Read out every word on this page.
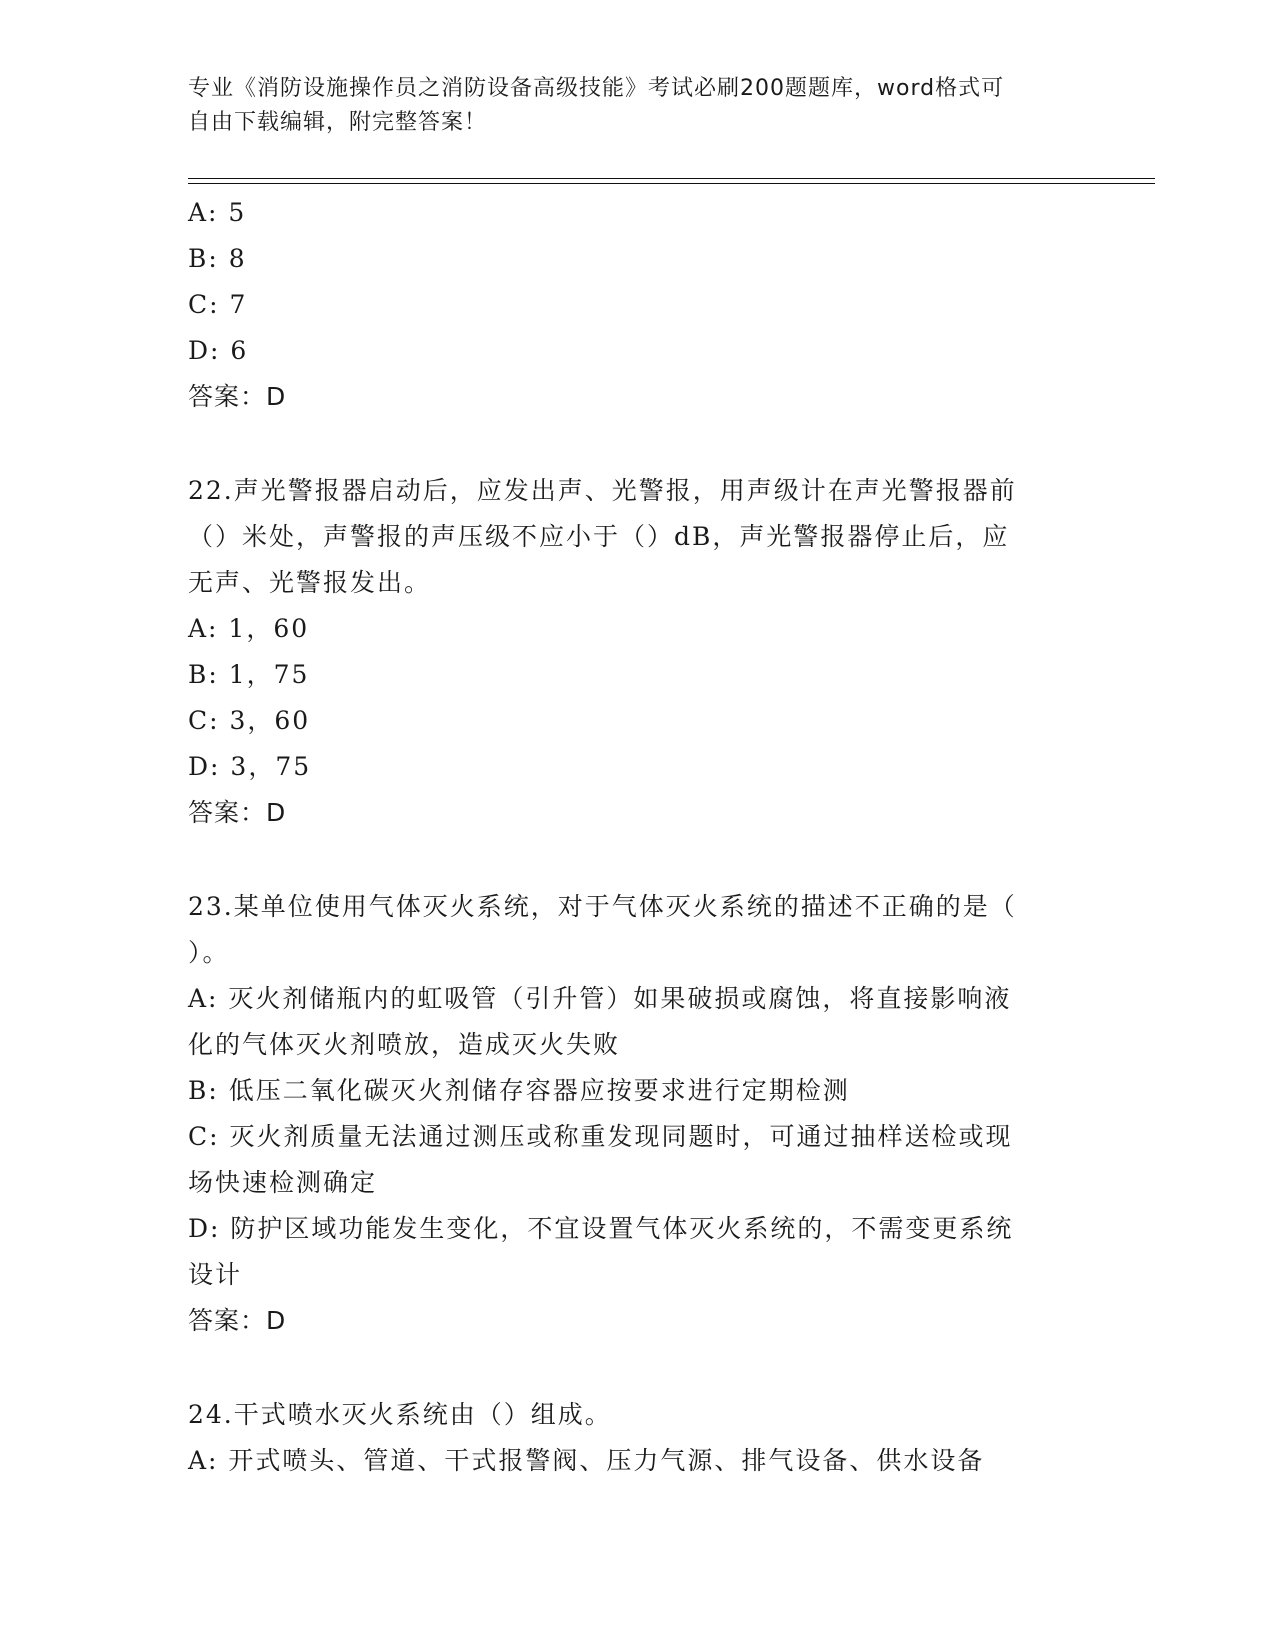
专业《消防设施操作员之消防设备高级技能》考试必刷200题题库，word格式可
自由下载编辑，附完整答案！
A: 5
B: 8
C: 7
D: 6
答案：D
22.声光警报器启动后，应发出声、光警报，用声级计在声光警报器前
（）米处，声警报的声压级不应小于（）dB，声光警报器停止后，应
无声、光警报发出。
A: 1，60
B: 1，75
C: 3，60
D: 3，75
答案：D
23.某单位使用气体灭火系统，对于气体灭火系统的描述不正确的是（
）。
A: 灭火剂储瓶内的虹吸管（引升管）如果破损或腐蚀，将直接影响液
化的气体灭火剂喷放，造成灭火失败
B: 低压二氧化碳灭火剂储存容器应按要求进行定期检测
C: 灭火剂质量无法通过测压或称重发现同题时，可通过抽样送检或现
场快速检测确定
D: 防护区域功能发生变化，不宜设置气体灭火系统的，不需变更系统
设计
答案：D
24.干式喷水灭火系统由（）组成。
A: 开式喷头、管道、干式报警阀、压力气源、排气设备、供水设备
